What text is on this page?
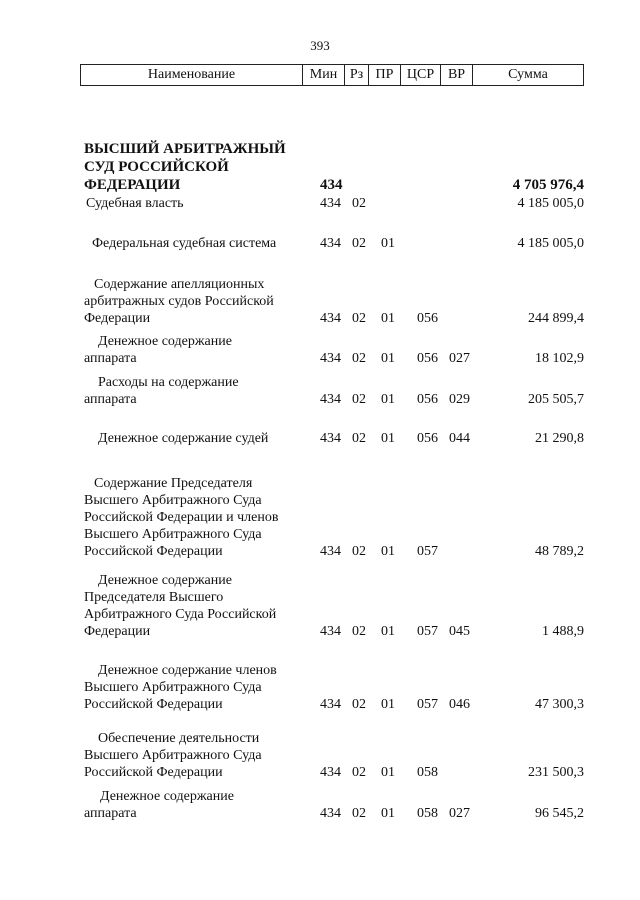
393
Наименование	Мин Рз ПР ЦСР ВР	Сумма
ВЫСШИЙ АРБИТРАЖНЫЙ
СУД РОССИЙСКОЙ
ФЕДЕРАЦИИ	434	4 705 976,4
Судебная власть	434 02	4 185 005,0
Федеральная судебная система	434 02 01	4 185 005,0
Содержание апелляционных
арбитражных судов Российской
Федерации	434 02 01 056	244 899,4
Денежное содержание
аппарата	434 02 01 056 027	18 102,9
Расходы на содержание
аппарата	434 02 01 056 029	205 505,7
Денежное содержание судей	434 02 01 056 044	21 290,8
Содержание Председателя
Высшего Арбитражного Суда
Российской Федерации и членов
Высшего Арбитражного Суда
Российской Федерации	434 02 01 057	48 789,2
Денежное содержание
Председателя Высшего
Арбитражного Суда Российской
Федерации	434 02 01 057 045	1 488,9
Денежное содержание членов
Высшего Арбитражного Суда
Российской Федерации	434 02 01 057 046	47 300,3
Обеспечение деятельности
Высшего Арбитражного Суда
Российской Федерации	434 02 01 058	231 500,3
Денежное содержание
аппарата	434 02 01 058 027	96 545,2
